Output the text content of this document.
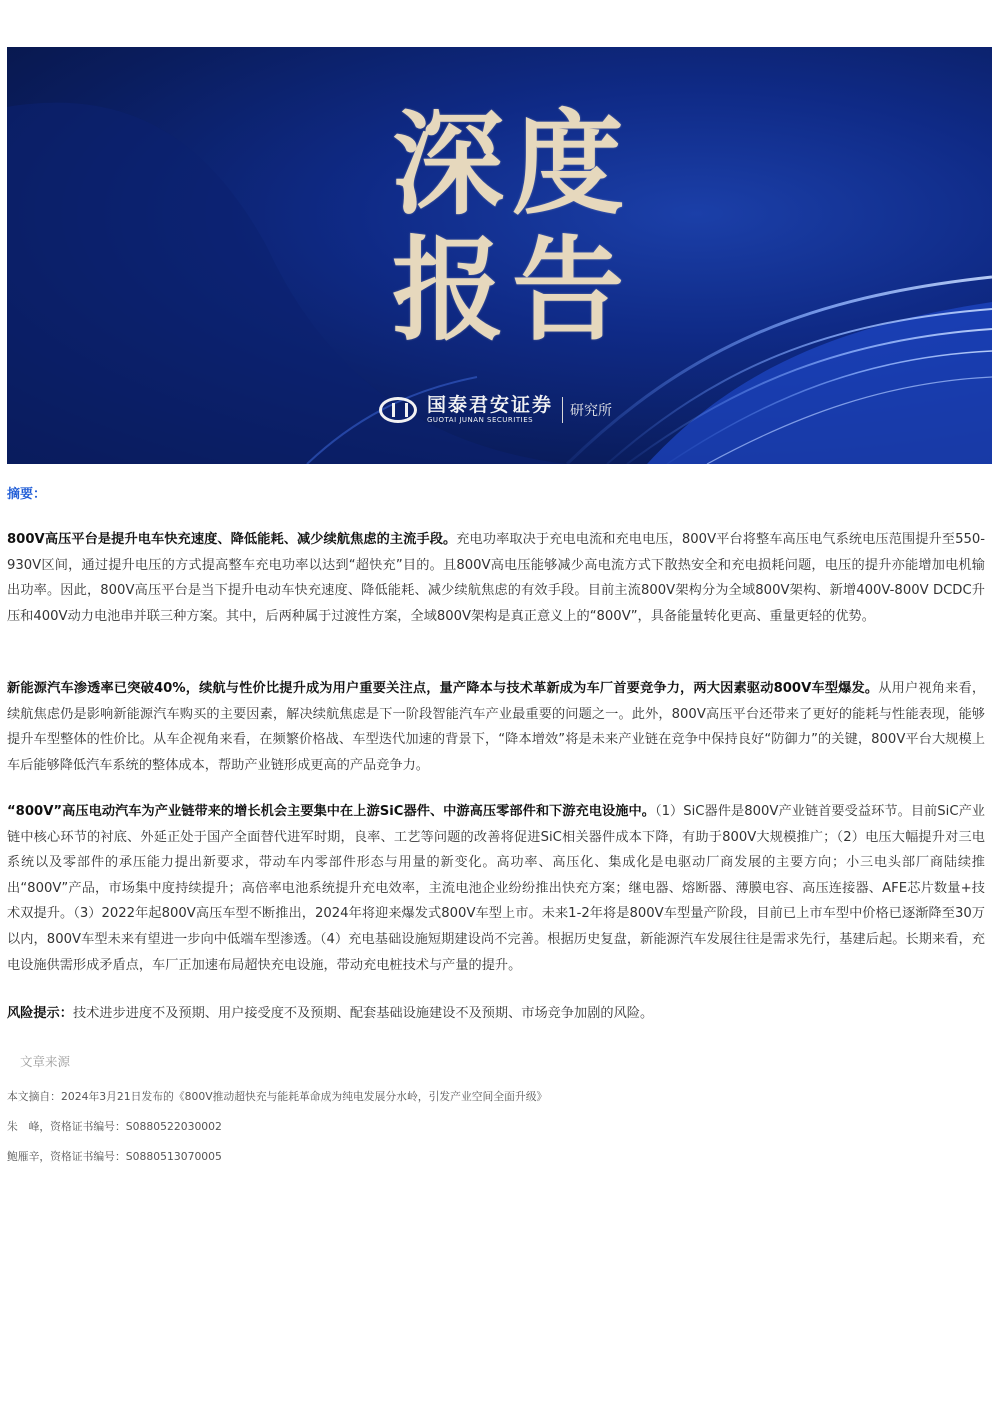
深度
报告
国泰君安证券
GUOTAI JUNAN SECURITIES
研究所
摘要：

800V高压平台是提升电车快充速度、降低能耗、减少续航焦虑的主流手段。充电功率取决于充电电流和充电电压，800V平台将整车高压电气系统电压范围提升至550-930V区间，通过提升电压的方式提高整车充电功率以达到“超快充”目的。且800V高电压能够减少高电流方式下散热安全和充电损耗问题，电压的提升亦能增加电机输出功率。因此，800V高压平台是当下提升电动车快充速度、降低能耗、减少续航焦虑的有效手段。目前主流800V架构分为全域800V架构、新增400V-800V DCDC升压和400V动力电池串并联三种方案。其中，后两种属于过渡性方案，全域800V架构是真正意义上的“800V”，具备能量转化更高、重量更轻的优势。

新能源汽车渗透率已突破40%，续航与性价比提升成为用户重要关注点，量产降本与技术革新成为车厂首要竞争力，两大因素驱动800V车型爆发。从用户视角来看，续航焦虑仍是影响新能源汽车购买的主要因素，解决续航焦虑是下一阶段智能汽车产业最重要的问题之一。此外，800V高压平台还带来了更好的能耗与性能表现，能够提升车型整体的性价比。从车企视角来看，在频繁价格战、车型迭代加速的背景下，“降本增效”将是未来产业链在竞争中保持良好“防御力”的关键，800V平台大规模上车后能够降低汽车系统的整体成本，帮助产业链形成更高的产品竞争力。

“800V”高压电动汽车为产业链带来的增长机会主要集中在上游SiC器件、中游高压零部件和下游充电设施中。（1）SiC器件是800V产业链首要受益环节。目前SiC产业链中核心环节的衬底、外延正处于国产全面替代进军时期，良率、工艺等问题的改善将促进SiC相关器件成本下降，有助于800V大规模推广；（2）电压大幅提升对三电系统以及零部件的承压能力提出新要求，带动车内零部件形态与用量的新变化。高功率、高压化、集成化是电驱动厂商发展的主要方向；小三电头部厂商陆续推出“800V”产品，市场集中度持续提升；高倍率电池系统提升充电效率，主流电池企业纷纷推出快充方案；继电器、熔断器、薄膜电容、高压连接器、AFE芯片数量+技术双提升。（3）2022年起800V高压车型不断推出，2024年将迎来爆发式800V车型上市。未来1-2年将是800V车型量产阶段，目前已上市车型中价格已逐渐降至30万以内，800V车型未来有望进一步向中低端车型渗透。（4）充电基础设施短期建设尚不完善。根据历史复盘，新能源汽车发展往往是需求先行，基建后起。长期来看，充电设施供需形成矛盾点，车厂正加速布局超快充电设施，带动充电桩技术与产量的提升。

风险提示：技术进步进度不及预期、用户接受度不及预期、配套基础设施建设不及预期、市场竞争加剧的风险。

文章来源
本文摘自：2024年3月21日发布的《800V推动超快充与能耗革命成为纯电发展分水岭，引发产业空间全面升级》
朱　峰，资格证书编号：S0880522030002
鲍雁辛，资格证书编号：S0880513070005
